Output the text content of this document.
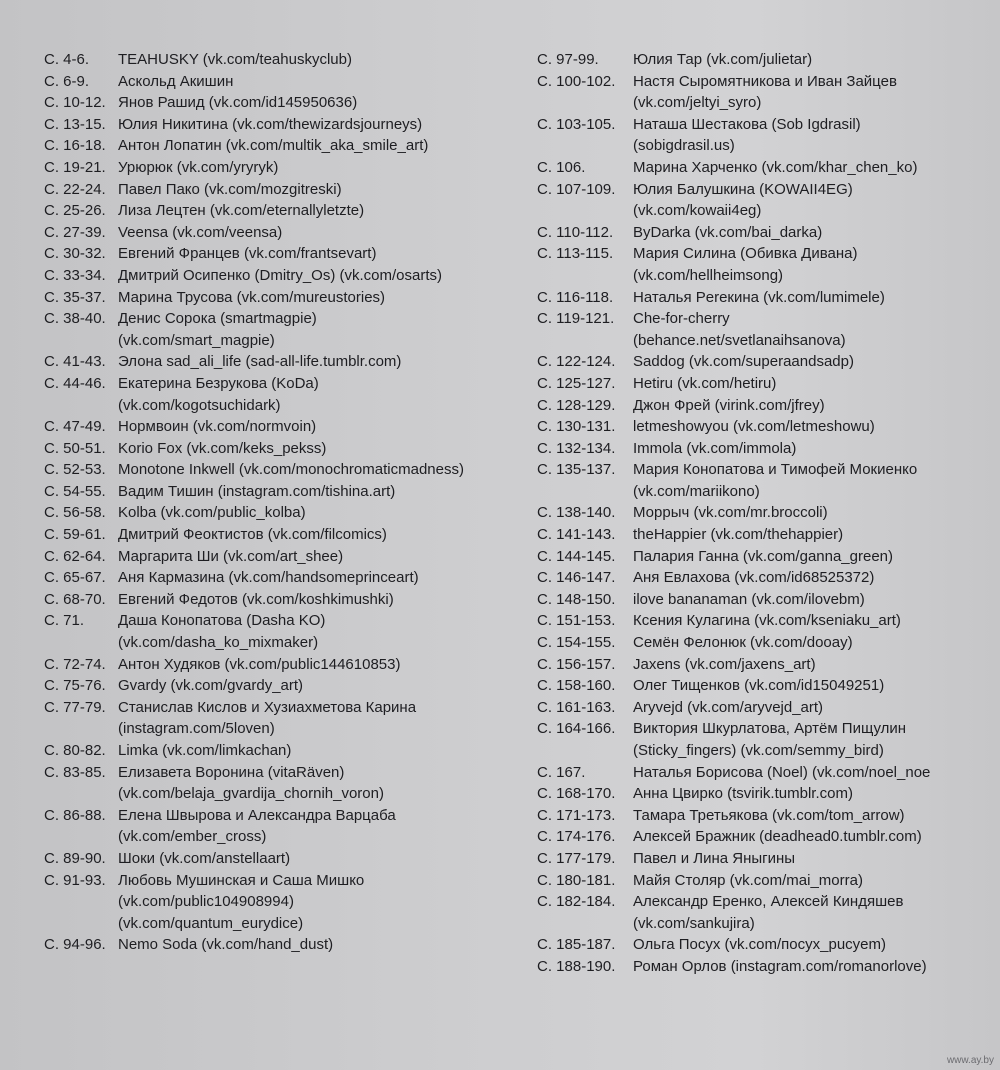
С. 4-6.	TEAHUSKY (vk.com/teahuskyclub)
С. 6-9.	Аскольд Акишин
С. 10-12. Янов Рашид (vk.com/id145950636)
С. 13-15. Юлия Никитина (vk.com/thewizardsjourneys)
С. 16-18. Антон Лопатин (vk.com/multik_aka_smile_art)
С. 19-21. Урюрюк (vk.com/yryryk)
С. 22-24. Павел Пако (vk.com/mozgitreski)
С. 25-26. Лиза Лецтен (vk.com/eternallyletzte)
С. 27-39. Veensa (vk.com/veensa)
С. 30-32. Евгений Францев (vk.com/frantsevart)
С. 33-34. Дмитрий Осипенко (Dmitry_Os) (vk.com/osarts)
С. 35-37. Марина Трусова (vk.com/mureustories)
С. 38-40. Денис Сорока (smartmagpie)
(vk.com/smart_magpie)
С. 41-43. Элона sad_ali_life (sad-all-life.tumblr.com)
С. 44-46. Екатерина Безрукова (KoDa)
(vk.com/kogotsuchidark)
С. 47-49. Нормвоин (vk.com/normvoin)
С. 50-51. Korio Fox (vk.com/keks_pekss)
С. 52-53. Monotone Inkwell (vk.com/monochromaticmadness)
С. 54-55. Вадим Тишин (instagram.com/tishina.art)
С. 56-58. Kolba (vk.com/public_kolba)
С. 59-61. Дмитрий Феоктистов (vk.com/filcomics)
С. 62-64. Маргарита Ши (vk.com/art_shee)
С. 65-67. Аня Кармазина (vk.com/handsomeprinceart)
С. 68-70. Евгений Федотов (vk.com/koshkimushki)
С. 71.	Даша Конопатова (Dasha KO)
(vk.com/dasha_ko_mixmaker)
С. 72-74. Антон Худяков (vk.com/public144610853)
С. 75-76. Gvardy (vk.com/gvardy_art)
С. 77-79. Станислав Кислов и Хузиахметова Карина
(instagram.com/5loven)
С. 80-82. Limka (vk.com/limkachan)
С. 83-85. Елизавета Воронина (vitaRäven)
(vk.com/belaja_gvardija_chornih_voron)
С. 86-88. Елена Швырова и Александра Варцаба
(vk.com/ember_cross)
С. 89-90. Шоки (vk.com/anstellaart)
С. 91-93. Любовь Мушинская и Саша Мишко
(vk.com/public104908994)
(vk.com/quantum_eurydice)
С. 94-96. Nemo Soda (vk.com/hand_dust)
С. 97-99.	Юлия Тар (vk.com/julietar)
С. 100-102.	Настя Сыромятникова и Иван Зайцев
(vk.com/jeltyi_syro)
С. 103-105.	Наташа Шестакова (Sob Igdrasil)
(sobigdrasil.us)
С. 106.	Марина Харченко (vk.com/khar_chen_ko)
С. 107-109.	Юлия Балушкина (KOWAII4EG)
(vk.com/kowaii4eg)
С. 110-112.	ByDarka (vk.com/bai_darka)
С. 113-115.	Мария Силина (Обивка Дивана)
(vk.com/hellheimsong)
С. 116-118.	Наталья Perекина (vk.com/lumimele)
С. 119-121.	Che-for-cherry
(behance.net/svetlanaihsanova)
С. 122-124.	Saddog (vk.com/superaandsadp)
С. 125-127.	Hetiru (vk.com/hetiru)
С. 128-129.	Джон Фрей (virink.com/jfrey)
С. 130-131.	letmeshowyou (vk.com/letmeshowu)
С. 132-134.	Immola (vk.com/immola)
С. 135-137.	Мария Конопатова и Тимофей Мокиенко
(vk.com/mariikono)
С. 138-140.	Моррыч (vk.com/mr.broccoli)
С. 141-143.	theHappier (vk.com/thehappier)
С. 144-145.	Палария Ганна (vk.com/ganna_green)
С. 146-147.	Аня Евлахова (vk.com/id68525372)
С. 148-150.	ilove bananaman (vk.com/ilovebm)
С. 151-153.	Ксения Кулагина (vk.com/kseniaku_art)
С. 154-155.	Семён Фелонюк (vk.com/dooay)
С. 156-157.	Jaxens (vk.com/jaxens_art)
С. 158-160.	Олег Тищенков (vk.com/id15049251)
С. 161-163.	Aryvejd (vk.com/aryvejd_art)
С. 164-166.	Виктория Шкурлатова, Артём Пищулин
(Sticky_fingers) (vk.com/semmy_bird)
С. 167.	Наталья Борисова (Noel) (vk.com/noel_noe
С. 168-170.	Анна Цвирко (tsvirik.tumblr.com)
С. 171-173.	Тамара Третьякова (vk.com/tom_arrow)
С. 174-176.	Алексей Бражник (deadhead0.tumblr.com)
С. 177-179.	Павел и Лина Яныгины
С. 180-181.	Майя Столяр (vk.com/mai_morra)
С. 182-184.	Александр Еренко, Алексей Киндяшев
(vk.com/sankujira)
С. 185-187.	Ольга Посух (vk.com/посух_pucyem)
С. 188-190.	Роман Орлов (instagram.com/romanorlove)
www.ay.by
